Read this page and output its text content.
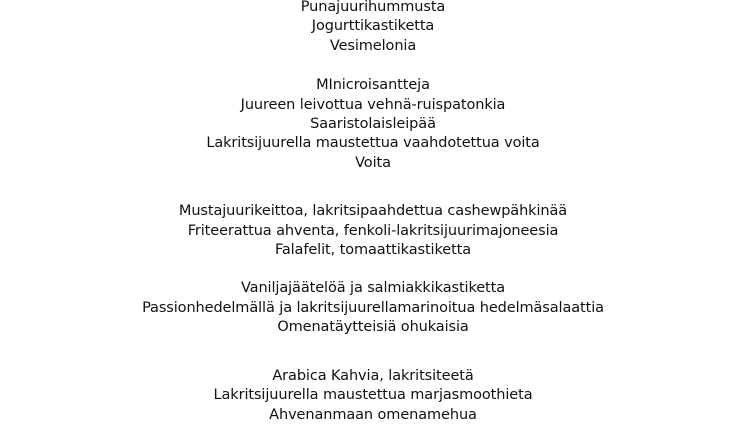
Punajuurihummusta
Jogurttikastiketta
Vesimelonia
MInicroisantteja
Juureen leivottua vehnä-ruispatonkia
Saaristolaisleipää
Lakritsijuurella maustettua vaahdotettua voita
Voita
Mustajuurikeittoa, lakritsipaahdettua cashewpähkinää
Friteerattua ahventa, fenkoli-lakritsijuurimajoneesia
Falafelit, tomaattikastiketta
Vaniljajäätelöä ja salmiakkikastiketta
Passionhedelmällä ja lakritsijuurellamarinoitua hedelmäsalaattia
Omenatäytteisiä ohukaisia
Arabica Kahvia, lakritsiteetä
Lakritsijuurella maustettua marjasmoothieta
Ahvenanmaan omenamehua
